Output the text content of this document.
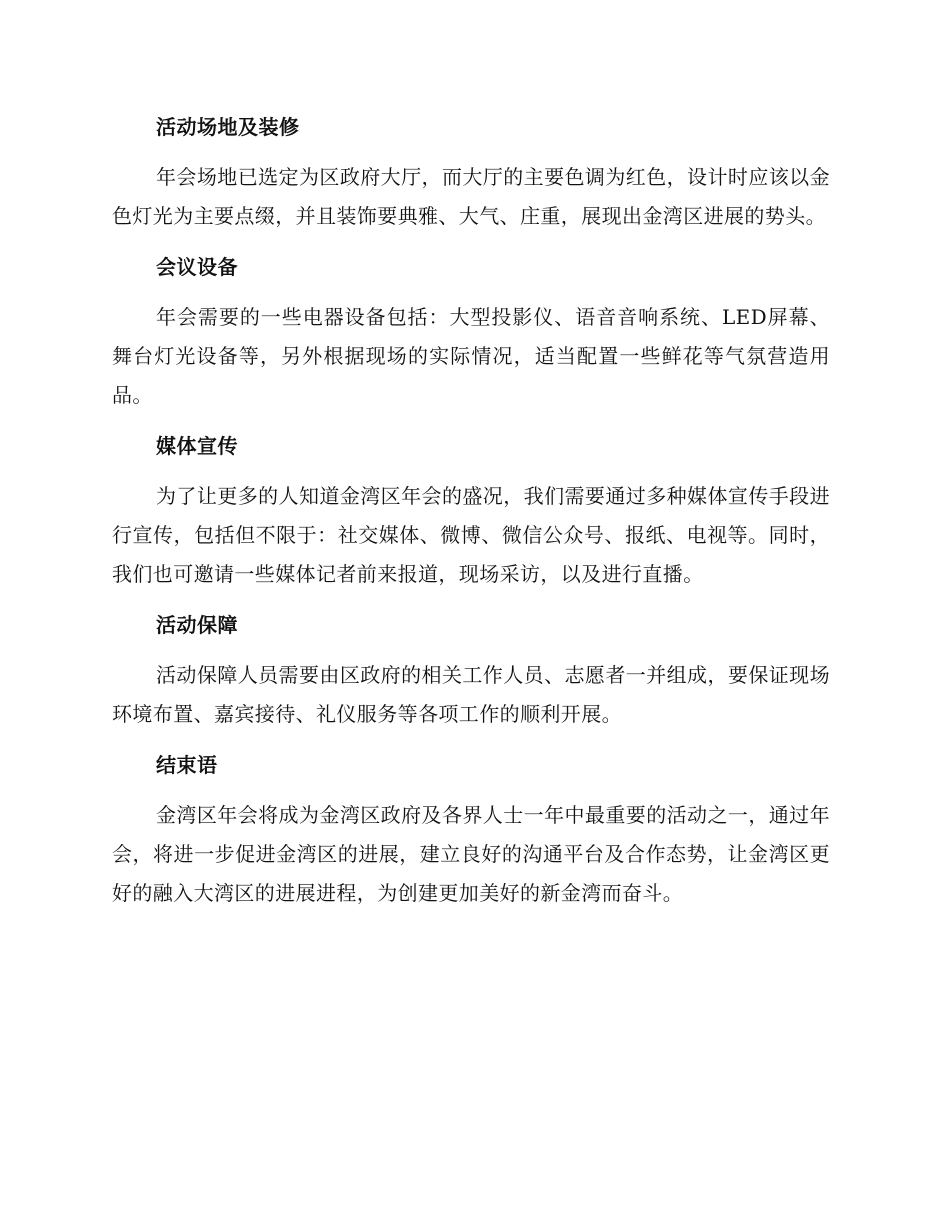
活动场地及装修

年会场地已选定为区政府大厅，而大厅的主要色调为红色，设计时应该以金色灯光为主要点缀，并且装饰要典雅、大气、庄重，展现出金湾区进展的势头。

会议设备

年会需要的一些电器设备包括：大型投影仪、语音音响系统、LED屏幕、舞台灯光设备等，另外根据现场的实际情况，适当配置一些鲜花等气氛营造用品。

媒体宣传

为了让更多的人知道金湾区年会的盛况，我们需要通过多种媒体宣传手段进行宣传，包括但不限于：社交媒体、微博、微信公众号、报纸、电视等。同时，我们也可邀请一些媒体记者前来报道，现场采访，以及进行直播。

活动保障

活动保障人员需要由区政府的相关工作人员、志愿者一并组成，要保证现场环境布置、嘉宾接待、礼仪服务等各项工作的顺利开展。

结束语

金湾区年会将成为金湾区政府及各界人士一年中最重要的活动之一，通过年会，将进一步促进金湾区的进展，建立良好的沟通平台及合作态势，让金湾区更好的融入大湾区的进展进程，为创建更加美好的新金湾而奋斗。
